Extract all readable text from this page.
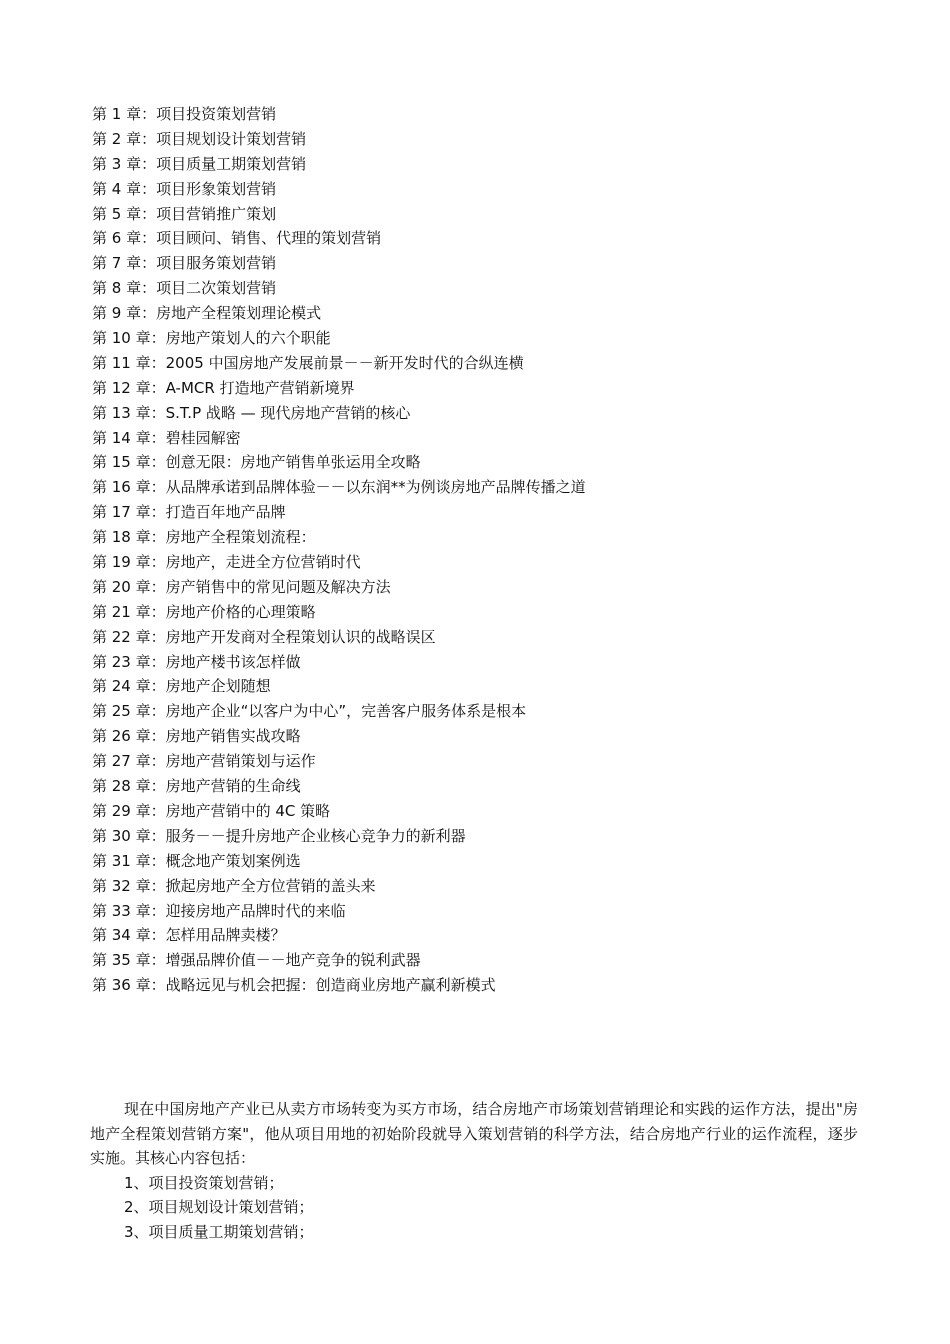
第 1 章：项目投资策划营销
第 2 章：项目规划设计策划营销
第 3 章：项目质量工期策划营销
第 4 章：项目形象策划营销
第 5 章：项目营销推广策划
第 6 章：项目顾问、销售、代理的策划营销
第 7 章：项目服务策划营销
第 8 章：项目二次策划营销
第 9 章：房地产全程策划理论模式
第 10 章：房地产策划人的六个职能
第 11 章：2005 中国房地产发展前景－－新开发时代的合纵连横
第 12 章：A-MCR 打造地产营销新境界
第 13 章：S.T.P 战略 — 现代房地产营销的核心
第 14 章：碧桂园解密
第 15 章：创意无限：房地产销售单张运用全攻略
第 16 章：从品牌承诺到品牌体验－－以东润**为例谈房地产品牌传播之道
第 17 章：打造百年地产品牌
第 18 章：房地产全程策划流程：
第 19 章：房地产，走进全方位营销时代
第 20 章：房产销售中的常见问题及解决方法
第 21 章：房地产价格的心理策略
第 22 章：房地产开发商对全程策划认识的战略误区
第 23 章：房地产楼书该怎样做
第 24 章：房地产企划随想
第 25 章：房地产企业“以客户为中心”，完善客户服务体系是根本
第 26 章：房地产销售实战攻略
第 27 章：房地产营销策划与运作
第 28 章：房地产营销的生命线
第 29 章：房地产营销中的 4C 策略
第 30 章：服务－－提升房地产企业核心竞争力的新利器
第 31 章：概念地产策划案例选
第 32 章：掀起房地产全方位营销的盖头来
第 33 章：迎接房地产品牌时代的来临
第 34 章：怎样用品牌卖楼？
第 35 章：增强品牌价值－－地产竞争的锐利武器
第 36 章：战略远见与机会把握：创造商业房地产赢利新模式

现在中国房地产产业已从卖方市场转变为买方市场，结合房地产市场策划营销理论和实践的运作方法，提出"房地产全程策划营销方案"，他从项目用地的初始阶段就导入策划营销的科学方法，结合房地产行业的运作流程，逐步实施。其核心内容包括：

1、项目投资策划营销；
2、项目规划设计策划营销；
3、项目质量工期策划营销；
